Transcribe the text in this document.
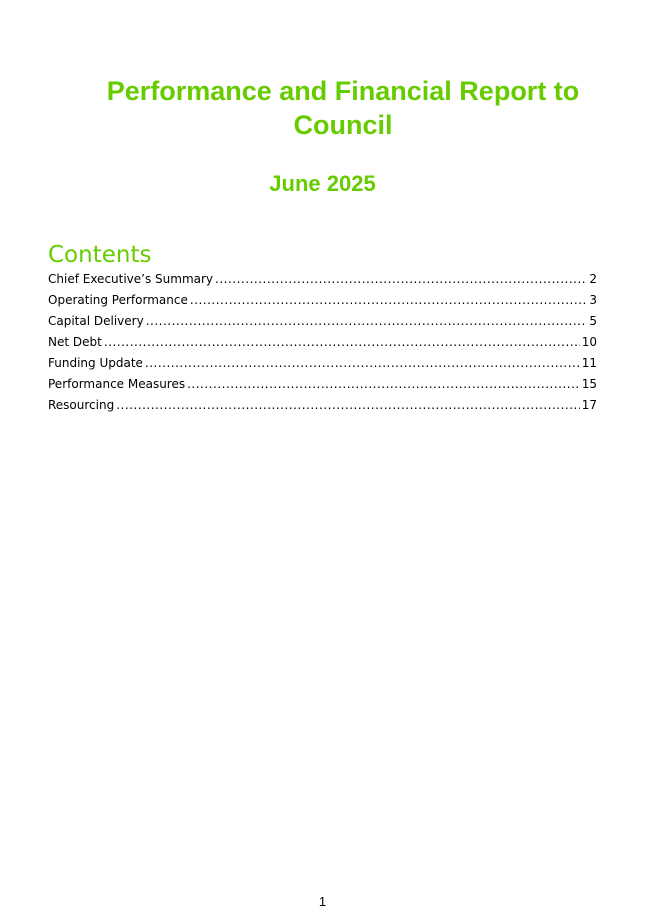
Performance and Financial Report to Council
June 2025
Contents
Chief Executive’s Summary .....	2
Operating Performance .....	3
Capital Delivery .....	5
Net Debt .....	10
Funding Update .....	11
Performance Measures .....	15
Resourcing .....	17
1
